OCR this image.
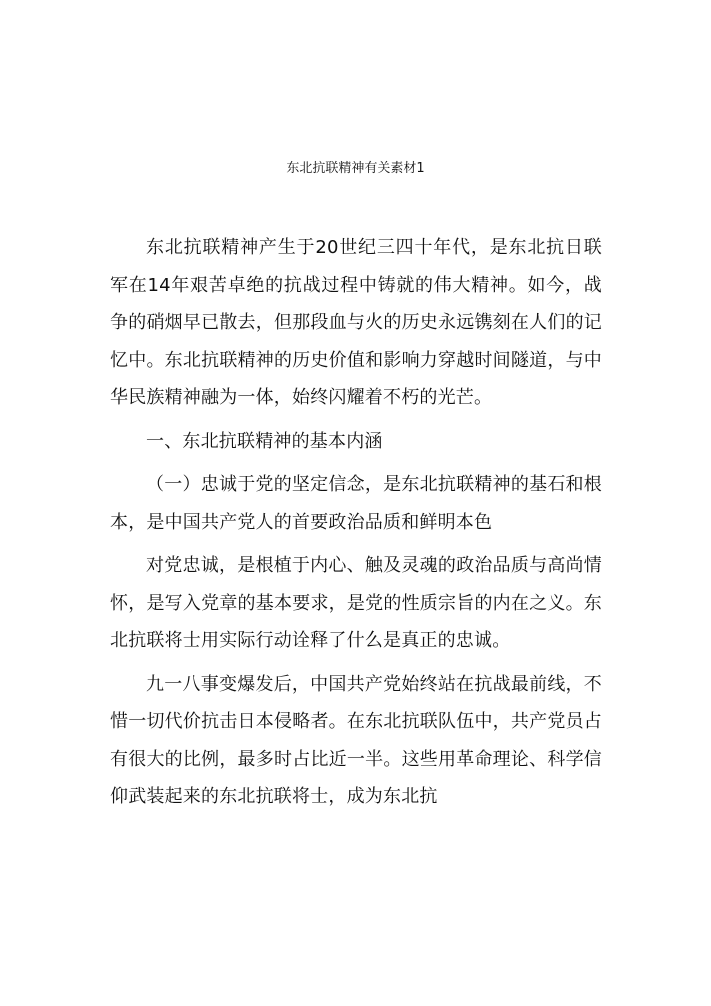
东北抗联精神有关素材1

东北抗联精神产生于20世纪三四十年代，是东北抗日联军在14年艰苦卓绝的抗战过程中铸就的伟大精神。如今，战争的硝烟早已散去，但那段血与火的历史永远镌刻在人们的记忆中。东北抗联精神的历史价值和影响力穿越时间隧道，与中华民族精神融为一体，始终闪耀着不朽的光芒。

一、东北抗联精神的基本内涵

（一）忠诚于党的坚定信念，是东北抗联精神的基石和根本，是中国共产党人的首要政治品质和鲜明本色

对党忠诚，是根植于内心、触及灵魂的政治品质与高尚情怀，是写入党章的基本要求，是党的性质宗旨的内在之义。东北抗联将士用实际行动诠释了什么是真正的忠诚。

九一八事变爆发后，中国共产党始终站在抗战最前线，不惜一切代价抗击日本侵略者。在东北抗联队伍中，共产党员占有很大的比例，最多时占比近一半。这些用革命理论、科学信仰武装起来的东北抗联将士，成为东北抗
